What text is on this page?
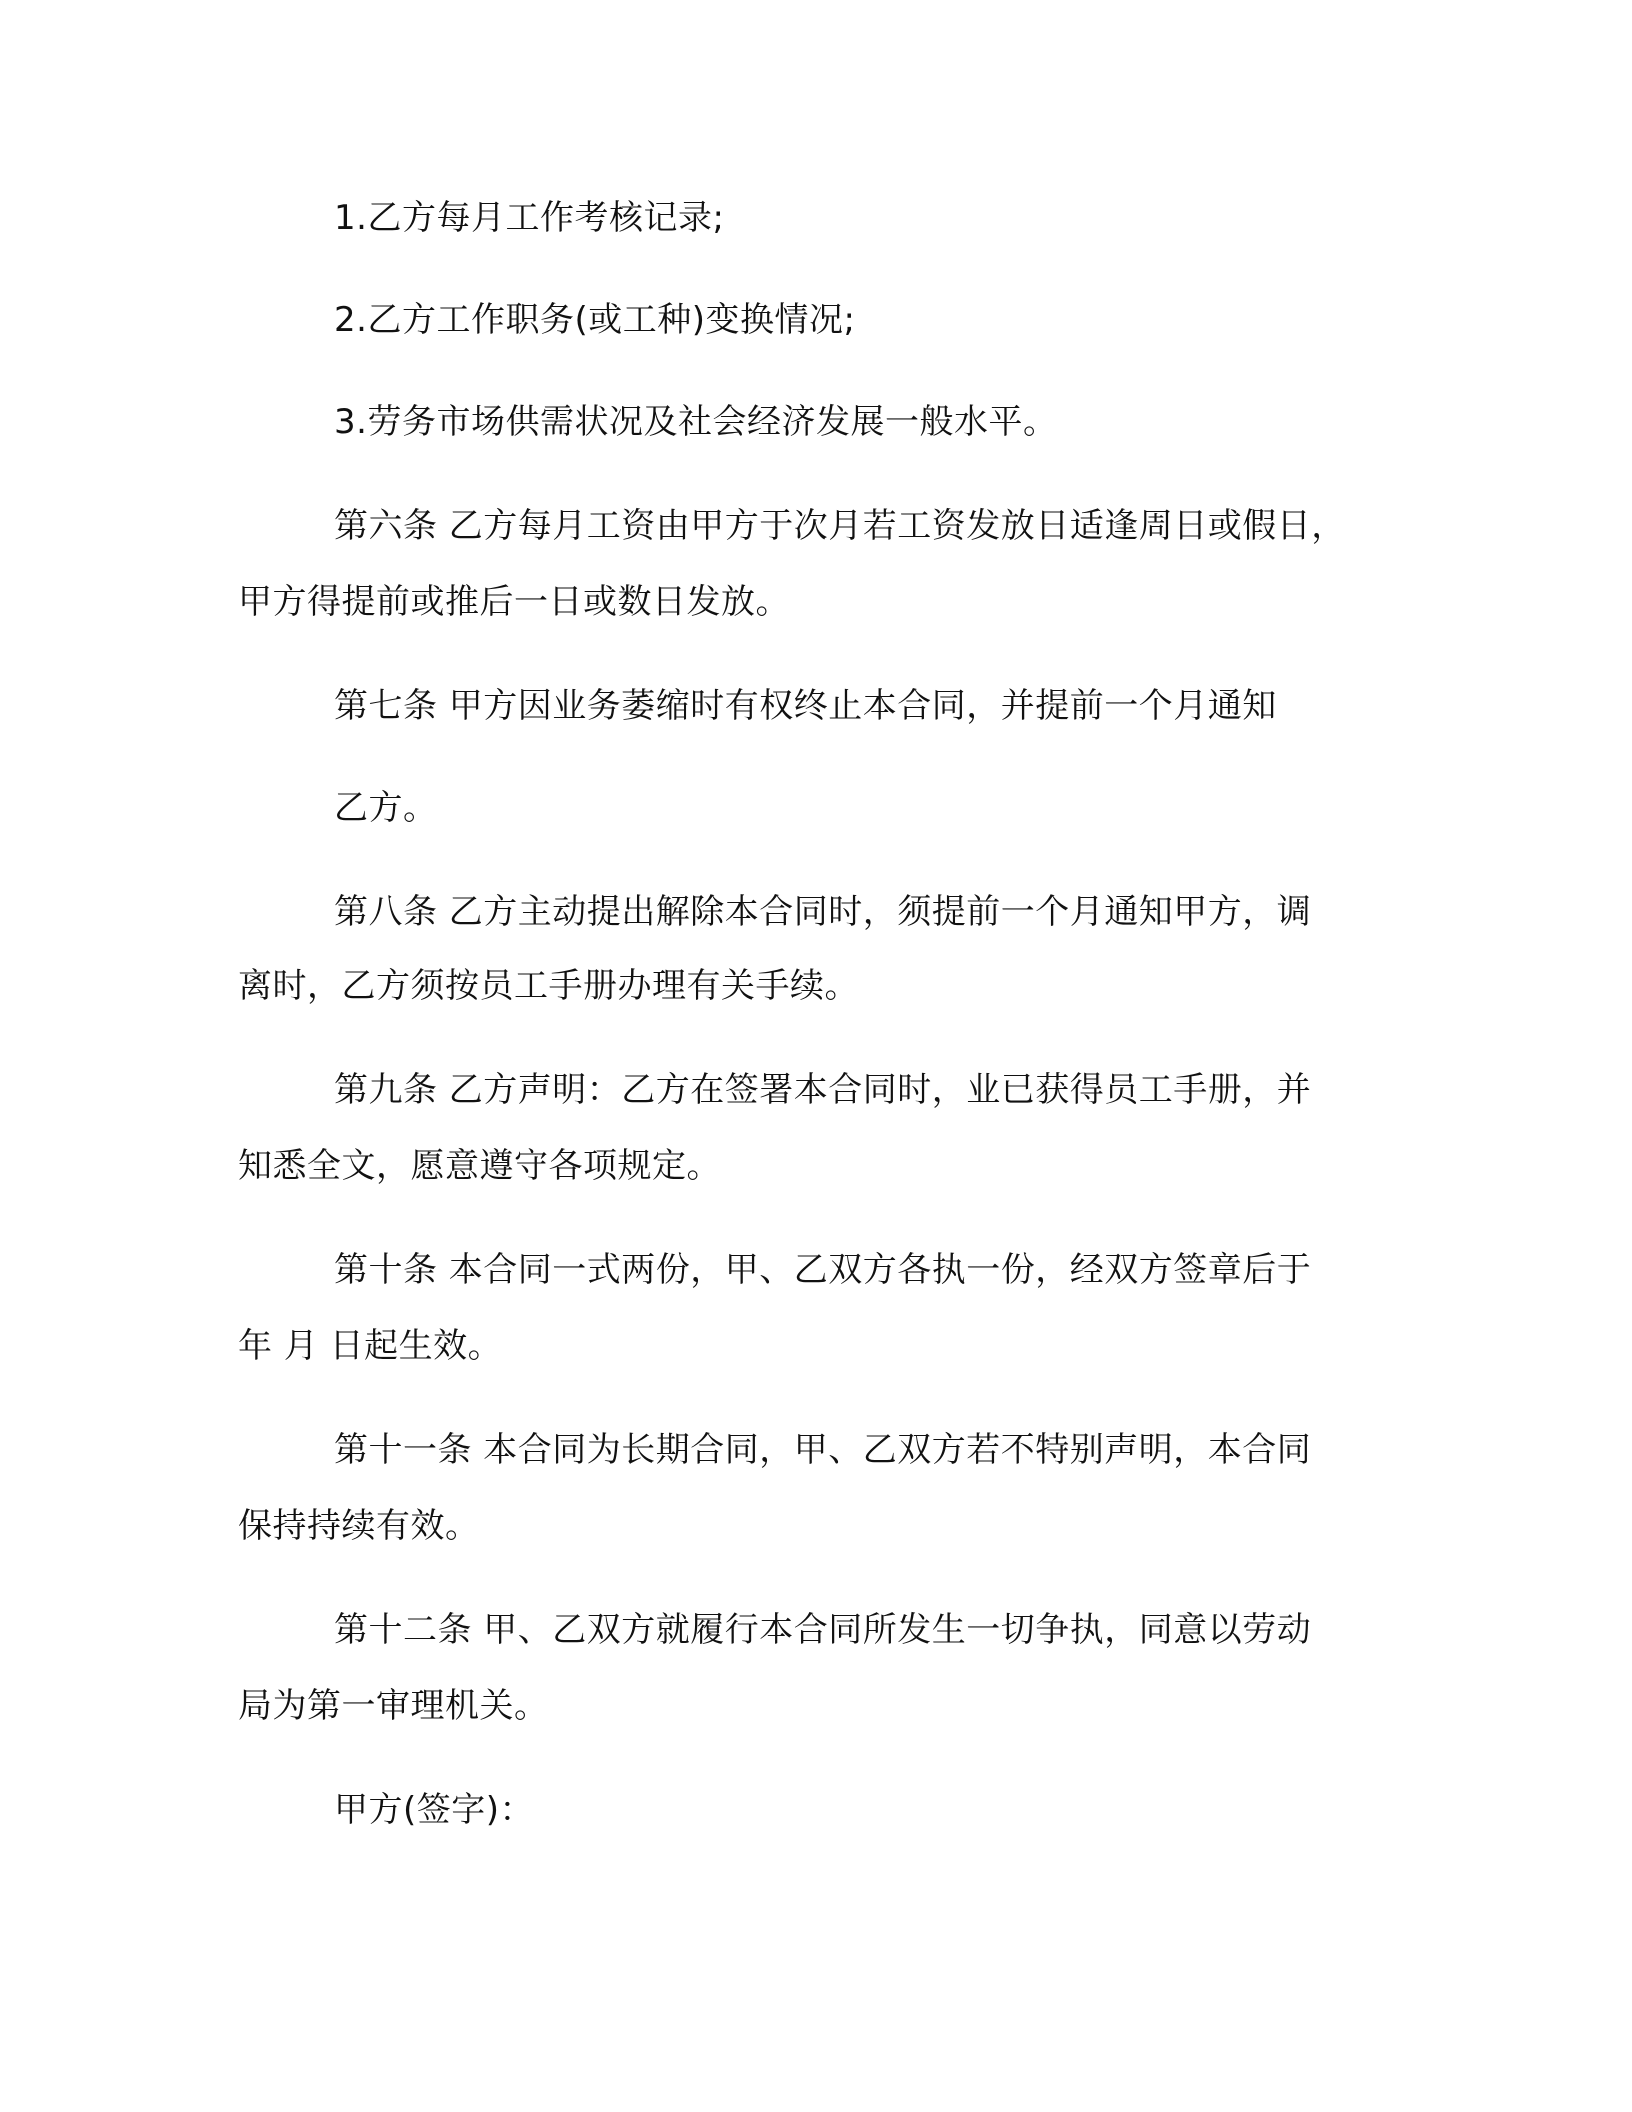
1.乙方每月工作考核记录;
2.乙方工作职务(或工种)变换情况;
3.劳务市场供需状况及社会经济发展一般水平。
第六条 乙方每月工资由甲方于次月若工资发放日适逢周日或假日，
甲方得提前或推后一日或数日发放。
第七条 甲方因业务萎缩时有权终止本合同，并提前一个月通知
乙方。
第八条 乙方主动提出解除本合同时，须提前一个月通知甲方，调
离时，乙方须按员工手册办理有关手续。
第九条 乙方声明：乙方在签署本合同时，业已获得员工手册，并
知悉全文，愿意遵守各项规定。
第十条 本合同一式两份，甲、乙双方各执一份，经双方签章后于
年 月 日起生效。
第十一条 本合同为长期合同，甲、乙双方若不特别声明，本合同
保持持续有效。
第十二条 甲、乙双方就履行本合同所发生一切争执，同意以劳动
局为第一审理机关。
甲方(签字)：
